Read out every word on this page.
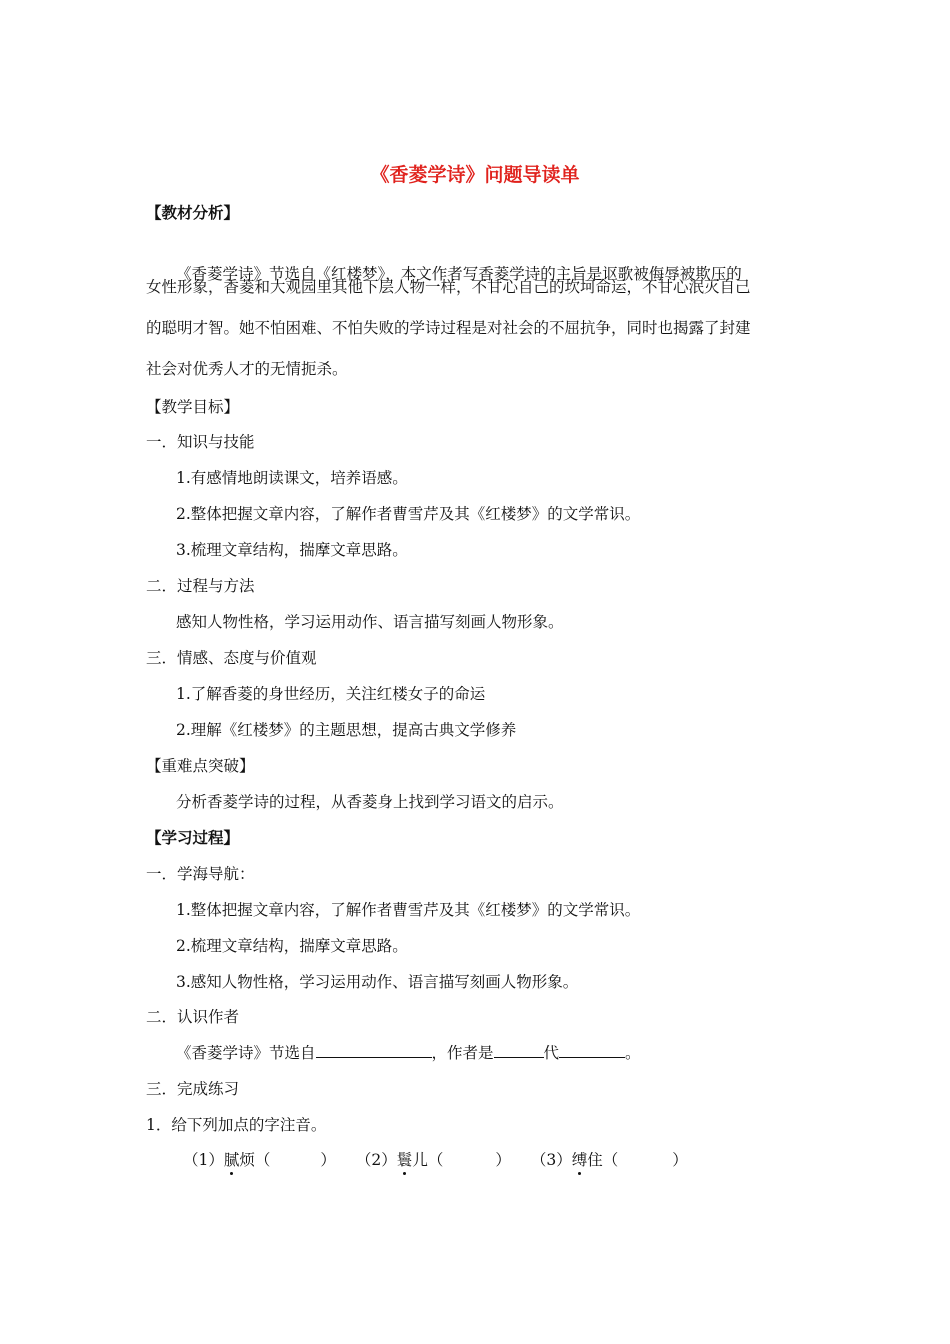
《香菱学诗》问题导读单
【教材分析】
《香菱学诗》节选自《红楼梦》，本文作者写香菱学诗的主旨是讴歌被侮辱被欺压的
女性形象，香菱和大观园里其他下层人物一样，不甘心自己的坎坷命运，不甘心泯灭自己
的聪明才智。她不怕困难、不怕失败的学诗过程是对社会的不屈抗争，同时也揭露了封建
社会对优秀人才的无情扼杀。
【教学目标】
一．知识与技能
1.有感情地朗读课文，培养语感。
2.整体把握文章内容，了解作者曹雪芹及其《红楼梦》的文学常识。
3.梳理文章结构，揣摩文章思路。
二．过程与方法
感知人物性格，学习运用动作、语言描写刻画人物形象。
三．情感、态度与价值观
1.了解香菱的身世经历，关注红楼女子的命运
2.理解《红楼梦》的主题思想，提高古典文学修养
【重难点突破】
分析香菱学诗的过程，从香菱身上找到学习语文的启示。
【学习过程】
一．学海导航：
1.整体把握文章内容，了解作者曹雪芹及其《红楼梦》的文学常识。
2.梳理文章结构，揣摩文章思路。
3.感知人物性格，学习运用动作、语言描写刻画人物形象。
二．认识作者
《香菱学诗》节选自	，作者是	代	。
三．完成练习
1．给下列加点的字注音。
（1）腻烦（	） （2）鬟儿（	） （3）缚住（	）
